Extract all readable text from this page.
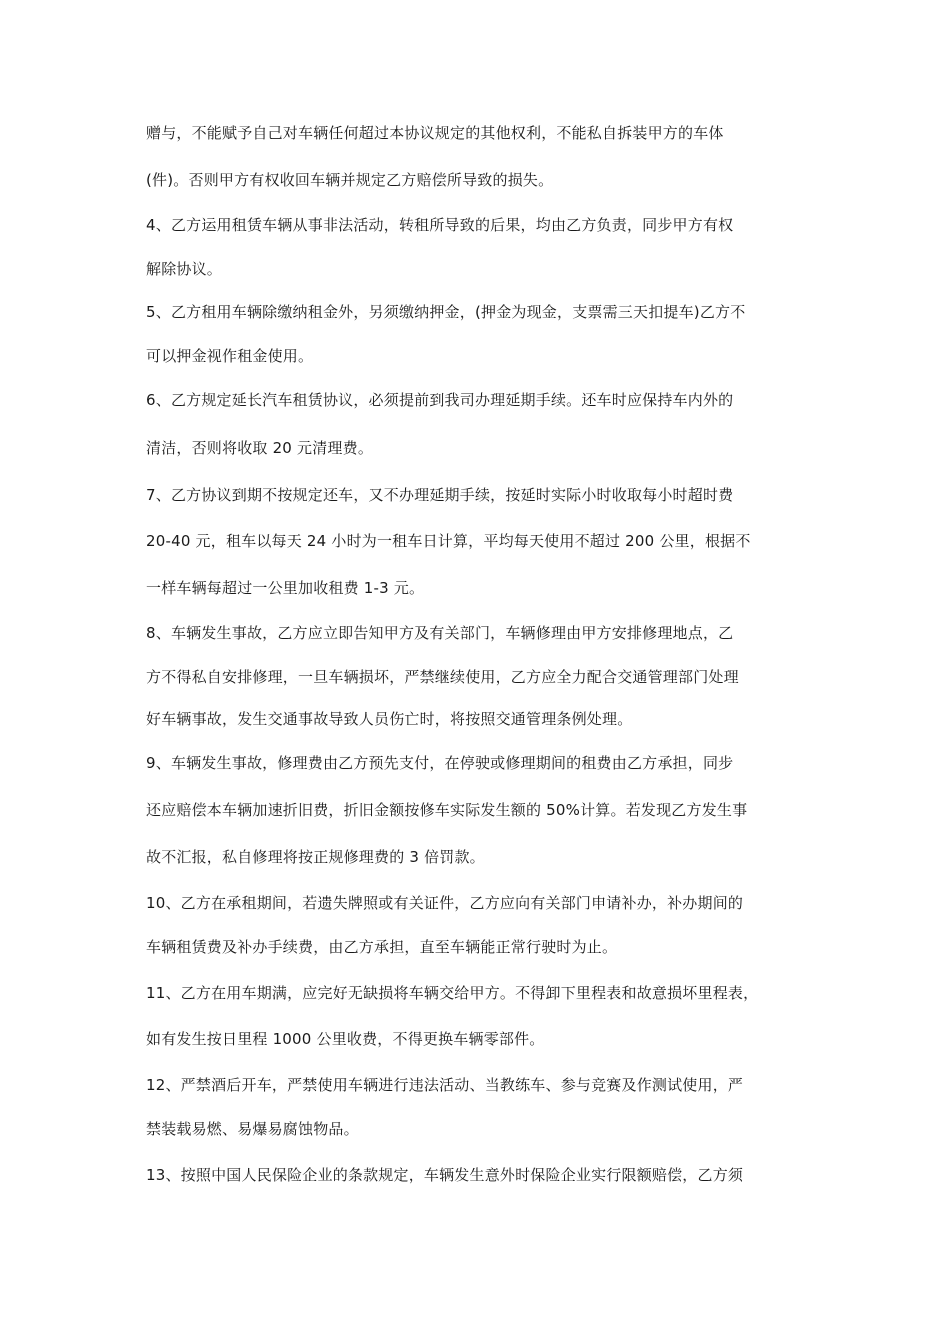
赠与，不能赋予自己对车辆任何超过本协议规定的其他权利，不能私自拆装甲方的车体
(件)。否则甲方有权收回车辆并规定乙方赔偿所导致的损失。
4、乙方运用租赁车辆从事非法活动，转租所导致的后果，均由乙方负责，同步甲方有权
解除协议。
5、乙方租用车辆除缴纳租金外，另须缴纳押金，(押金为现金，支票需三天扣提车)乙方不
可以押金视作租金使用。
6、乙方规定延长汽车租赁协议，必须提前到我司办理延期手续。还车时应保持车内外的
清洁，否则将收取 20 元清理费。
7、乙方协议到期不按规定还车，又不办理延期手续，按延时实际小时收取每小时超时费
20-40 元，租车以每天 24 小时为一租车日计算，平均每天使用不超过 200 公里，根据不
一样车辆每超过一公里加收租费 1-3 元。
8、车辆发生事故，乙方应立即告知甲方及有关部门，车辆修理由甲方安排修理地点，乙
方不得私自安排修理，一旦车辆损坏，严禁继续使用，乙方应全力配合交通管理部门处理
好车辆事故，发生交通事故导致人员伤亡时，将按照交通管理条例处理。
9、车辆发生事故，修理费由乙方预先支付，在停驶或修理期间的租费由乙方承担，同步
还应赔偿本车辆加速折旧费，折旧金额按修车实际发生额的 50%计算。若发现乙方发生事
故不汇报，私自修理将按正规修理费的 3 倍罚款。
10、乙方在承租期间，若遗失牌照或有关证件，乙方应向有关部门申请补办，补办期间的
车辆租赁费及补办手续费，由乙方承担，直至车辆能正常行驶时为止。
11、乙方在用车期满，应完好无缺损将车辆交给甲方。不得卸下里程表和故意损坏里程表，
如有发生按日里程 1000 公里收费，不得更换车辆零部件。
12、严禁酒后开车，严禁使用车辆进行违法活动、当教练车、参与竞赛及作测试使用，严
禁装载易燃、易爆易腐蚀物品。
13、按照中国人民保险企业的条款规定，车辆发生意外时保险企业实行限额赔偿，乙方须
